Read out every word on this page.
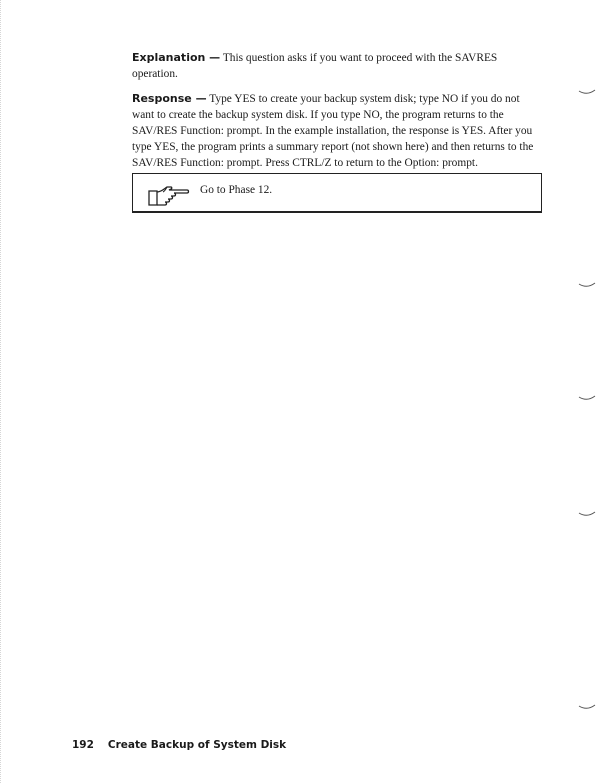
Explanation — This question asks if you want to proceed with the SAVRES operation.

Response — Type YES to create your backup system disk; type NO if you do not want to create the backup system disk. If you type NO, the program returns to the SAV/RES Function: prompt. In the example installation, the response is YES. After you type YES, the program prints a summary report (not shown here) and then returns to the SAV/RES Function: prompt. Press CTRL/Z to return to the Option: prompt.

Go to Phase 12.
192 Create Backup of System Disk
